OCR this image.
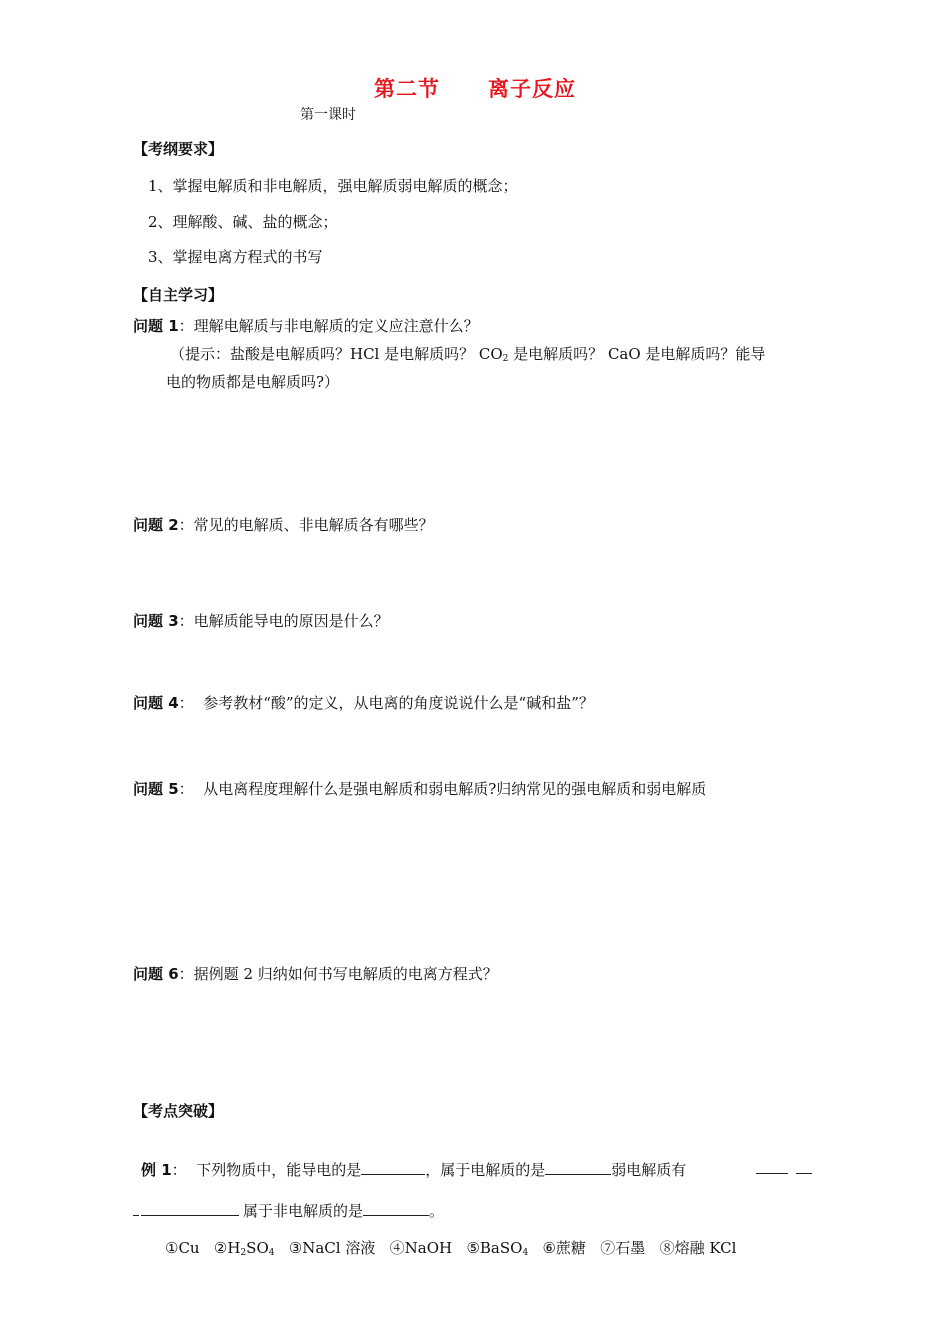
第二节 离子反应
第一课时
【考纲要求】
1、掌握电解质和非电解质，强电解质弱电解质的概念；
2、理解酸、碱、盐的概念；
3、掌握电离方程式的书写
【自主学习】
问题 1：理解电解质与非电解质的定义应注意什么？
（提示：盐酸是电解质吗？HCl 是电解质吗？ $CO_2$ 是电解质吗？ CaO 是电解质吗？能导
电的物质都是电解质吗?）
问题 2：常见的电解质、非电解质各有哪些？
问题 3：电解质能导电的原因是什么？
问题 4：  参考教材“酸”的定义，从电离的角度说说什么是“碱和盐”？
问题 5：  从电离程度理解什么是强电解质和弱电解质?归纳常见的强电解质和弱电解质
问题 6：据例题 2 归纳如何书写电解质的电离方程式？
【考点突破】
例 1：  下列物质中，能导电的是	，属于电解质的是	弱电解质有
属于非电解质的是	。
①Cu $②H_2SO_4$ ③NaCl 溶液 ④NaOH ⑤BaSO$_4$ ⑥蔗糖 ⑦石墨 ⑧熔融 KCl
